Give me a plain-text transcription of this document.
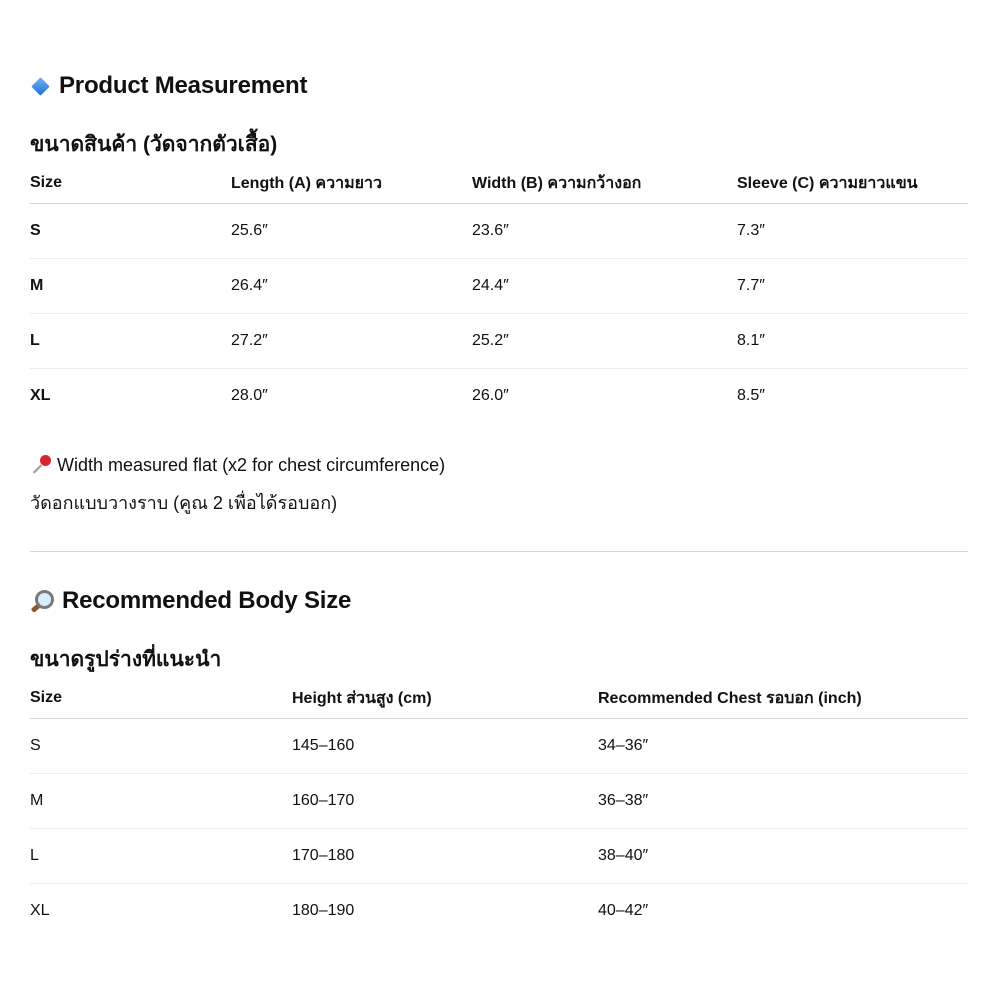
Product Measurement
ขนาดสินค้า (วัดจากตัวเสื้อ)
Size	Length (A) ความยาว	Width (B) ความกว้างอก	Sleeve (C) ความยาวแขน
S	25.6″	23.6″	7.3″
M	26.4″	24.4″	7.7″
L	27.2″	25.2″	8.1″
XL	28.0″	26.0″	8.5″
Width measured flat (x2 for chest circumference)
วัดอกแบบวางราบ (คูณ 2 เพื่อได้รอบอก)
Recommended Body Size
ขนาดรูปร่างที่แนะนำ
Size	Height ส่วนสูง (cm)	Recommended Chest รอบอก (inch)
S	145–160	34–36″
M	160–170	36–38″
L	170–180	38–40″
XL	180–190	40–42″
